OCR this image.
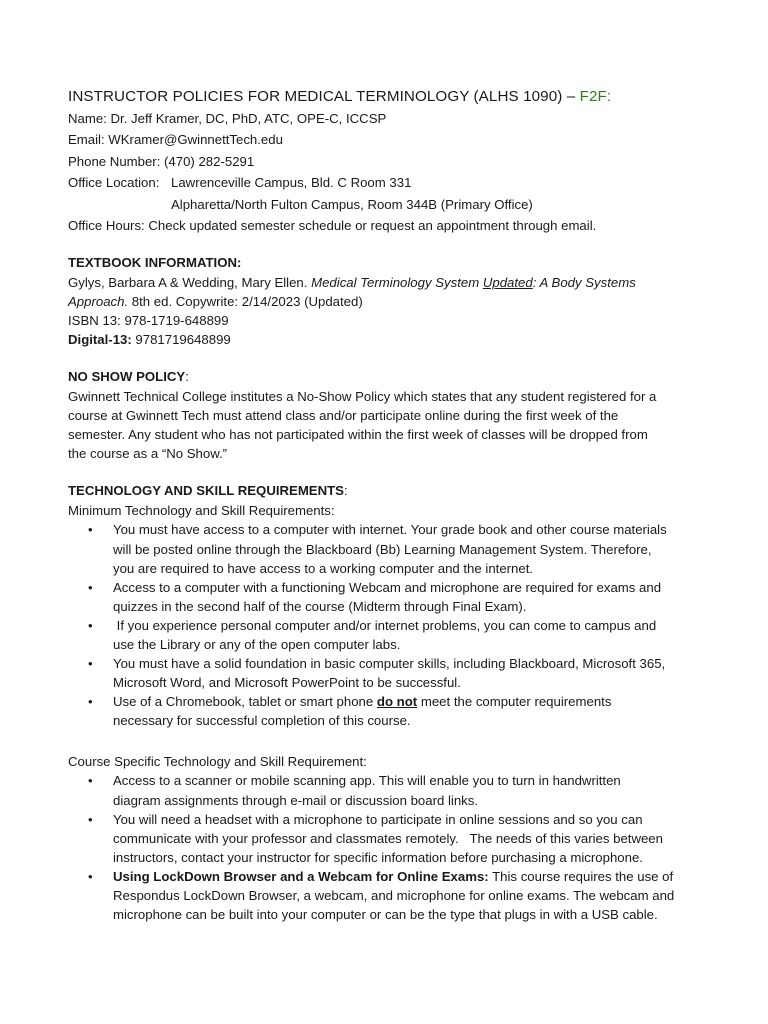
INSTRUCTOR POLICIES FOR MEDICAL TERMINOLOGY (ALHS 1090) – F2F:
Name: Dr. Jeff Kramer, DC, PhD, ATC, OPE-C, ICCSP
Email: WKramer@GwinnettTech.edu
Phone Number: (470) 282-5291
Office Location: Lawrenceville Campus, Bld. C Room 331
Alpharetta/North Fulton Campus, Room 344B (Primary Office)
Office Hours: Check updated semester schedule or request an appointment through email.
TEXTBOOK INFORMATION:
Gylys, Barbara A & Wedding, Mary Ellen. Medical Terminology System Updated: A Body Systems
Approach. 8th ed. Copywrite: 2/14/2023 (Updated)
ISBN 13: 978-1719-648899
Digital-13: 9781719648899
NO SHOW POLICY:
Gwinnett Technical College institutes a No-Show Policy which states that any student registered for a
course at Gwinnett Tech must attend class and/or participate online during the first week of the
semester. Any student who has not participated within the first week of classes will be dropped from
the course as a “No Show.”
TECHNOLOGY AND SKILL REQUIREMENTS:
Minimum Technology and Skill Requirements:
• You must have access to a computer with internet. Your grade book and other course materials
will be posted online through the Blackboard (Bb) Learning Management System. Therefore,
you are required to have access to a working computer and the internet.
• Access to a computer with a functioning Webcam and microphone are required for exams and
quizzes in the second half of the course (Midterm through Final Exam).
• If you experience personal computer and/or internet problems, you can come to campus and
use the Library or any of the open computer labs.
• You must have a solid foundation in basic computer skills, including Blackboard, Microsoft 365,
Microsoft Word, and Microsoft PowerPoint to be successful.
• Use of a Chromebook, tablet or smart phone do not meet the computer requirements
necessary for successful completion of this course.
Course Specific Technology and Skill Requirement:
• Access to a scanner or mobile scanning app. This will enable you to turn in handwritten
diagram assignments through e-mail or discussion board links.
• You will need a headset with a microphone to participate in online sessions and so you can
communicate with your professor and classmates remotely.   The needs of this varies between
instructors, contact your instructor for specific information before purchasing a microphone.
• Using LockDown Browser and a Webcam for Online Exams: This course requires the use of
Respondus LockDown Browser, a webcam, and microphone for online exams. The webcam and
microphone can be built into your computer or can be the type that plugs in with a USB cable.
